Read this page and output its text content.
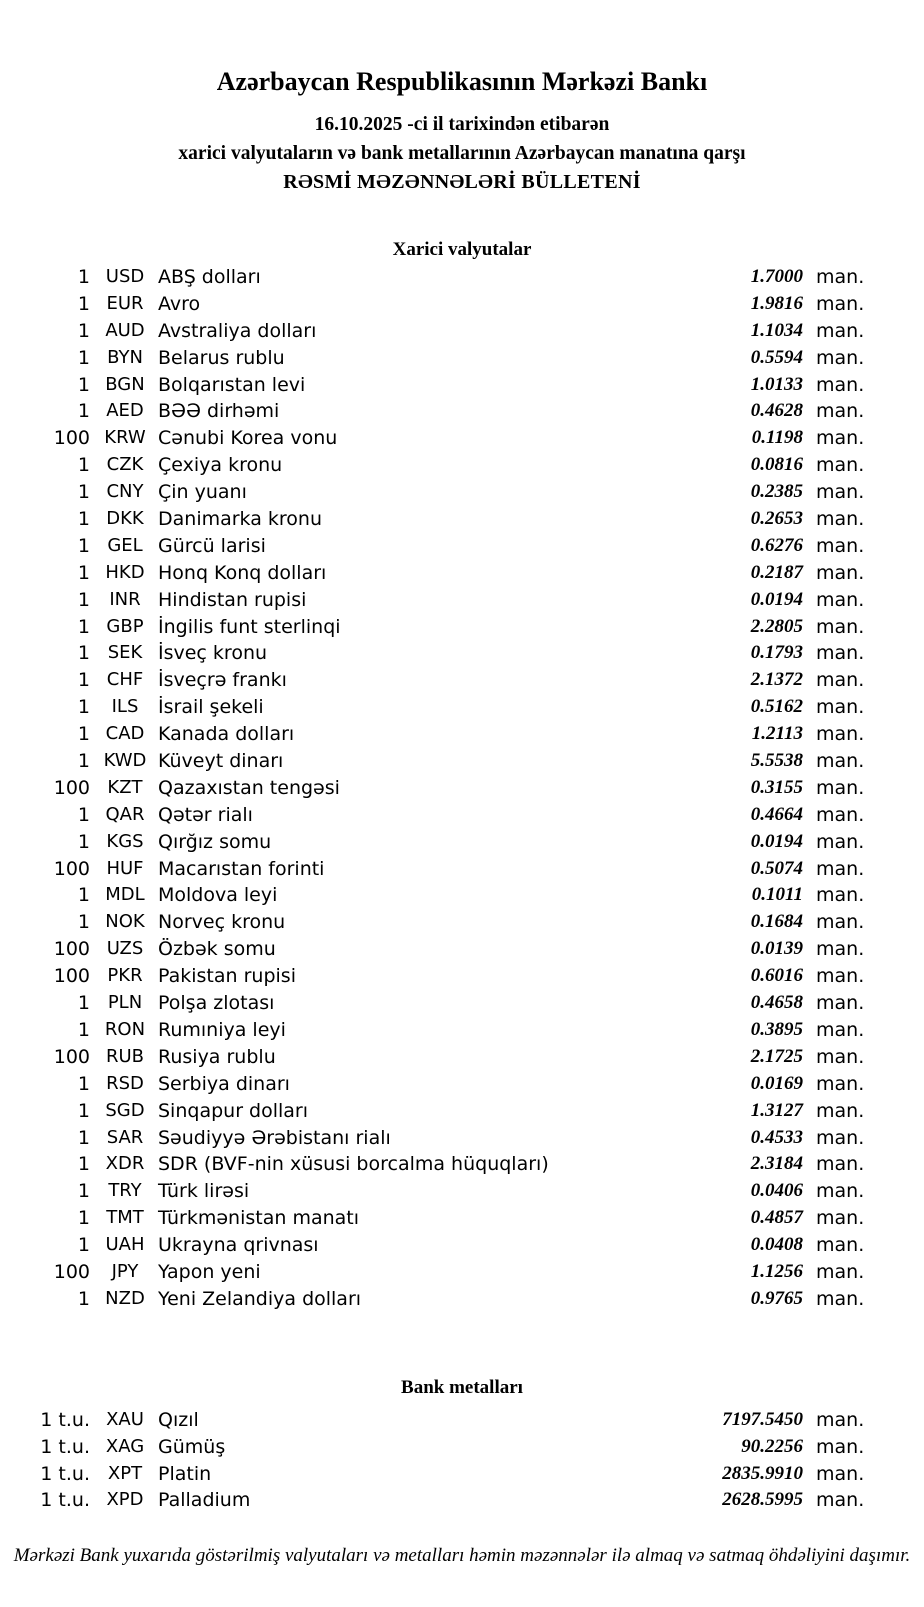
Azərbaycan Respublikasının Mərkəzi Bankı
16.10.2025 -ci il tarixindən etibarən
xarici valyutaların və bank metallarının Azərbaycan manatına qarşı
RƏSMİ MƏZƏNNƏLƏRİ BÜLLETENİ
Xarici valyutalar
1 USD ABŞ dolları	1.7000 man.
1 EUR Avro	1.9816 man.
1 AUD Avstraliya dolları	1.1034 man.
1 BYN Belarus rublu	0.5594 man.
1 BGN Bolqarıstan levi	1.0133 man.
1 AED BƏƏ dirhəmi	0.4628 man.
100 KRW Cənubi Korea vonu	0.1198 man.
1 CZK Çexiya kronu	0.0816 man.
1 CNY Çin yuanı	0.2385 man.
1 DKK Danimarka kronu	0.2653 man.
1 GEL Gürcü larisi	0.6276 man.
1 HKD Honq Konq dolları	0.2187 man.
1	INR Hindistan rupisi	0.0194 man.
1 GBP İngilis funt sterlinqi	2.2805 man.
1 SEK İsveç kronu	0.1793 man.
1 CHF İsveçrə frankı	2.1372 man.
1	ILS	İsrail şekeli	0.5162 man.
1 CAD Kanada dolları	1.2113 man.
1 KWD Küveyt dinarı	5.5538 man.
100 KZT Qazaxıstan tengəsi	0.3155 man.
1 QAR Qətər rialı	0.4664 man.
1 KGS Qırğız somu	0.0194 man.
100 HUF Macarıstan forinti	0.5074 man.
1 MDL Moldova leyi	0.1011 man.
1 NOK Norveç kronu	0.1684 man.
100 UZS Özbək somu	0.0139 man.
100 PKR Pakistan rupisi	0.6016 man.
1 PLN Polşa zlotası	0.4658 man.
1 RON Rumıniya leyi	0.3895 man.
100 RUB Rusiya rublu	2.1725 man.
1 RSD Serbiya dinarı	0.0169 man.
1 SGD Sinqapur dolları	1.3127 man.
1 SAR Səudiyyə Ərəbistanı rialı	0.4533 man.
1 XDR SDR (BVF-nin xüsusi borcalma hüquqları)	2.3184 man.
1	TRY Türk lirəsi	0.0406 man.
1 TMT Türkmənistan manatı	0.4857 man.
1 UAH Ukrayna qrivnası	0.0408 man.
100	JPY	Yapon yeni	1.1256 man.
1 NZD Yeni Zelandiya dolları	0.9765 man.
Bank metalları
1 t.u. XAU Qızıl	7197.5450 man.
1 t.u. XAG Gümüş	90.2256 man.
1 t.u. XPT Platin	2835.9910 man.
1 t.u. XPD Palladium	2628.5995 man.
Mərkəzi Bank yuxarıda göstərilmiş valyutaları və metalları həmin məzənnələr ilə almaq və satmaq öhdəliyini daşımır.
